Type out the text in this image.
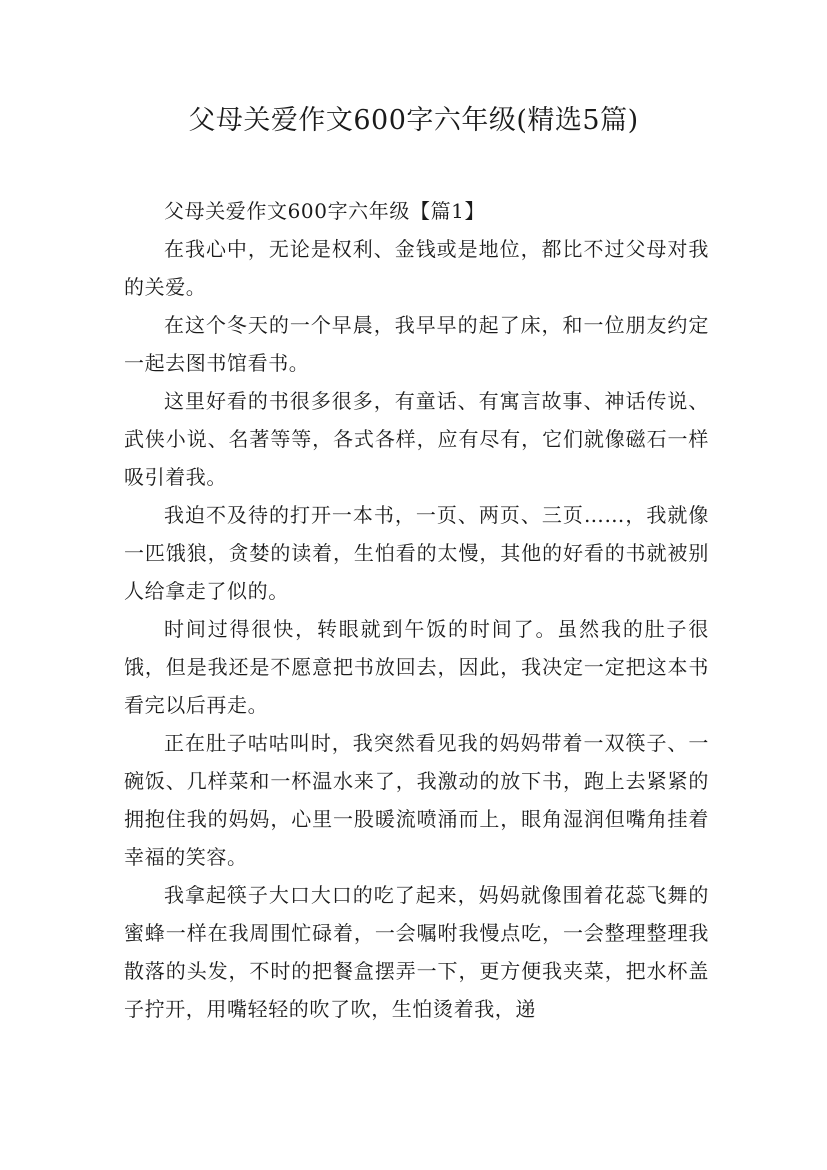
父母关爱作文600字六年级(精选5篇)

父母关爱作文600字六年级【篇1】

在我心中，无论是权利、金钱或是地位，都比不过父母对我的关爱。

在这个冬天的一个早晨，我早早的起了床，和一位朋友约定一起去图书馆看书。

这里好看的书很多很多，有童话、有寓言故事、神话传说、武侠小说、名著等等，各式各样，应有尽有，它们就像磁石一样吸引着我。

我迫不及待的打开一本书，一页、两页、三页……，我就像一匹饿狼，贪婪的读着，生怕看的太慢，其他的好看的书就被别人给拿走了似的。

时间过得很快，转眼就到午饭的时间了。虽然我的肚子很饿，但是我还是不愿意把书放回去，因此，我决定一定把这本书看完以后再走。

正在肚子咕咕叫时，我突然看见我的妈妈带着一双筷子、一碗饭、几样菜和一杯温水来了，我激动的放下书，跑上去紧紧的拥抱住我的妈妈，心里一股暖流喷涌而上，眼角湿润但嘴角挂着幸福的笑容。

我拿起筷子大口大口的吃了起来，妈妈就像围着花蕊飞舞的蜜蜂一样在我周围忙碌着，一会嘱咐我慢点吃，一会整理整理我散落的头发，不时的把餐盒摆弄一下，更方便我夹菜，把水杯盖子拧开，用嘴轻轻的吹了吹，生怕烫着我，递
